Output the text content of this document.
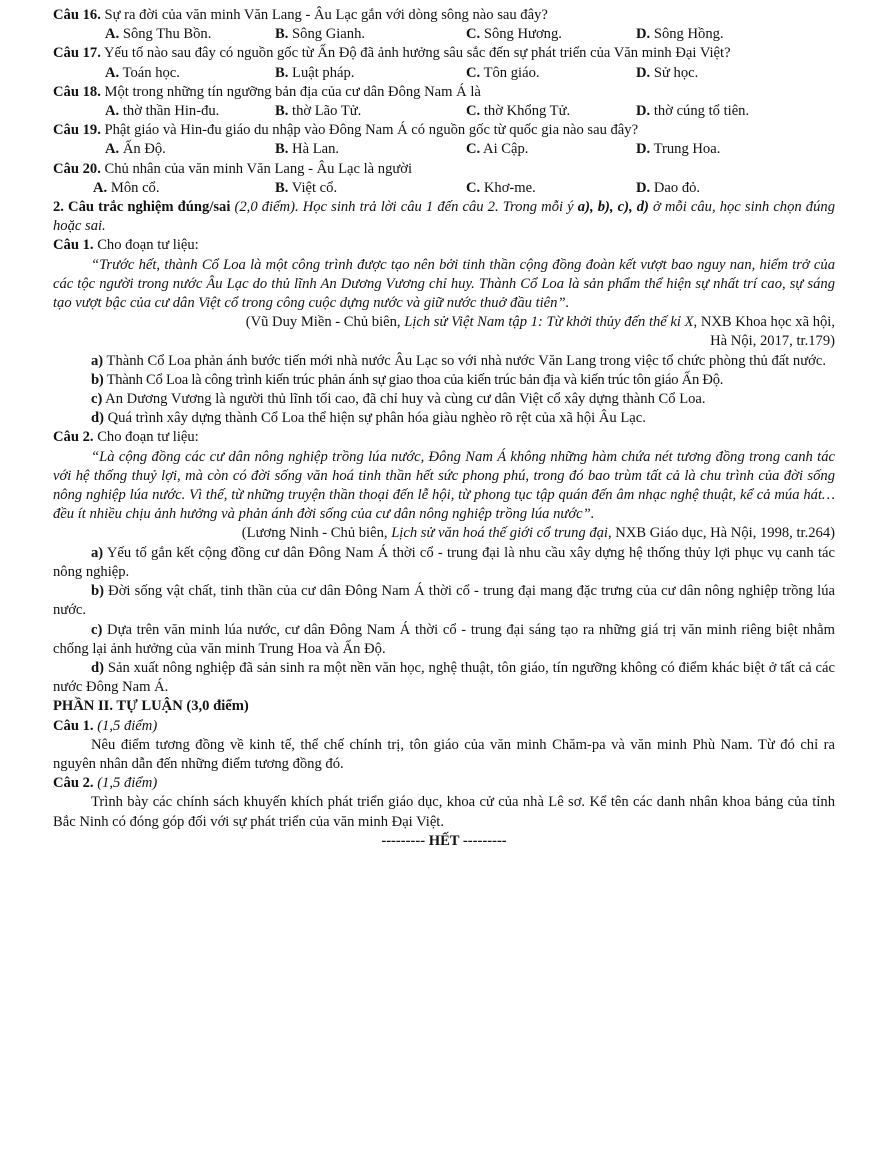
Câu 16. Sự ra đời của văn minh Văn Lang - Âu Lạc gắn với dòng sông nào sau đây?

A. Sông Thu Bồn.	B. Sông Gianh.	C. Sông Hương.	D. Sông Hồng.

Câu 17. Yếu tố nào sau đây có nguồn gốc từ Ấn Độ đã ảnh hưởng sâu sắc đến sự phát triển của Văn minh Đại Việt?

A. Toán học.	B. Luật pháp.	C. Tôn giáo.	D. Sử học.

Câu 18. Một trong những tín ngưỡng bản địa của cư dân Đông Nam Á là

A. thờ thần Hin-đu.	B. thờ Lão Tử.	C. thờ Khổng Tử.	D. thờ cúng tổ tiên.

Câu 19. Phật giáo và Hin-đu giáo du nhập vào Đông Nam Á có nguồn gốc từ quốc gia nào sau đây?

A. Ấn Độ.	B. Hà Lan.	C. Ai Cập.	D. Trung Hoa.

Câu 20. Chủ nhân của văn minh Văn Lang - Âu Lạc là người

A. Môn cổ.	B. Việt cổ.	C. Khơ-me.	D. Dao đỏ.

2. Câu trắc nghiệm đúng/sai (2,0 điểm). Học sinh trả lời câu 1 đến câu 2. Trong mỗi ý a), b), c), d) ở mỗi câu, học sinh chọn đúng hoặc sai.

Câu 1. Cho đoạn tư liệu:

“Trước hết, thành Cổ Loa là một công trình được tạo nên bởi tinh thần cộng đồng đoàn kết vượt bao nguy nan, hiểm trở của các tộc người trong nước Âu Lạc do thủ lĩnh An Dương Vương chỉ huy. Thành Cổ Loa là sản phẩm thể hiện sự nhất trí cao, sự sáng tạo vượt bậc của cư dân Việt cổ trong công cuộc dựng nước và giữ nước thuở đầu tiên”.

(Vũ Duy Miền - Chủ biên, Lịch sử Việt Nam tập 1: Từ khởi thủy đến thế kỉ X, NXB Khoa học xã hội,
Hà Nội, 2017, tr.179)

a) Thành Cổ Loa phản ánh bước tiến mới nhà nước Âu Lạc so với nhà nước Văn Lang trong việc tổ chức phòng thủ đất nước.

b) Thành Cổ Loa là công trình kiến trúc phản ánh sự giao thoa của kiến trúc bản địa và kiến trúc tôn giáo Ấn Độ.

c) An Dương Vương là người thủ lĩnh tối cao, đã chỉ huy và cùng cư dân Việt cổ xây dựng thành Cổ Loa.

d) Quá trình xây dựng thành Cổ Loa thể hiện sự phân hóa giàu nghèo rõ rệt của xã hội Âu Lạc.

Câu 2. Cho đoạn tư liệu:

“Là cộng đồng các cư dân nông nghiệp trồng lúa nước, Đông Nam Á không những hàm chứa nét tương đồng trong canh tác với hệ thống thuỷ lợi, mà còn có đời sống văn hoá tinh thần hết sức phong phú, trong đó bao trùm tất cả là chu trình của đời sống nông nghiệp lúa nước. Vì thế, từ những truyện thần thoại đến lễ hội, từ phong tục tập quán đến âm nhạc nghệ thuật, kể cả múa hát… đều ít nhiều chịu ảnh hưởng và phản ánh đời sống của cư dân nông nghiệp trồng lúa nước”.

(Lương Ninh - Chủ biên, Lịch sử văn hoá thế giới cổ trung đại, NXB Giáo dục, Hà Nội, 1998, tr.264)

a) Yếu tố gắn kết cộng đồng cư dân Đông Nam Á thời cổ - trung đại là nhu cầu xây dựng hệ thống thủy lợi phục vụ canh tác nông nghiệp.

b) Đời sống vật chất, tinh thần của cư dân Đông Nam Á thời cổ - trung đại mang đặc trưng của cư dân nông nghiệp trồng lúa nước.

c) Dựa trên văn minh lúa nước, cư dân Đông Nam Á thời cổ - trung đại sáng tạo ra những giá trị văn minh riêng biệt nhằm chống lại ảnh hưởng của văn minh Trung Hoa và Ấn Độ.

d) Sản xuất nông nghiệp đã sản sinh ra một nền văn học, nghệ thuật, tôn giáo, tín ngưỡng không có điểm khác biệt ở tất cả các nước Đông Nam Á.

PHẦN II. TỰ LUẬN (3,0 điểm)

Câu 1. (1,5 điểm)

Nêu điểm tương đồng về kinh tế, thể chế chính trị, tôn giáo của văn minh Chăm-pa và văn minh Phù Nam. Từ đó chỉ ra nguyên nhân dẫn đến những điểm tương đồng đó.

Câu 2. (1,5 điểm)

Trình bày các chính sách khuyến khích phát triển giáo dục, khoa cử của nhà Lê sơ. Kể tên các danh nhân khoa bảng của tỉnh Bắc Ninh có đóng góp đối với sự phát triển của văn minh Đại Việt.

--------- HẾT ---------
